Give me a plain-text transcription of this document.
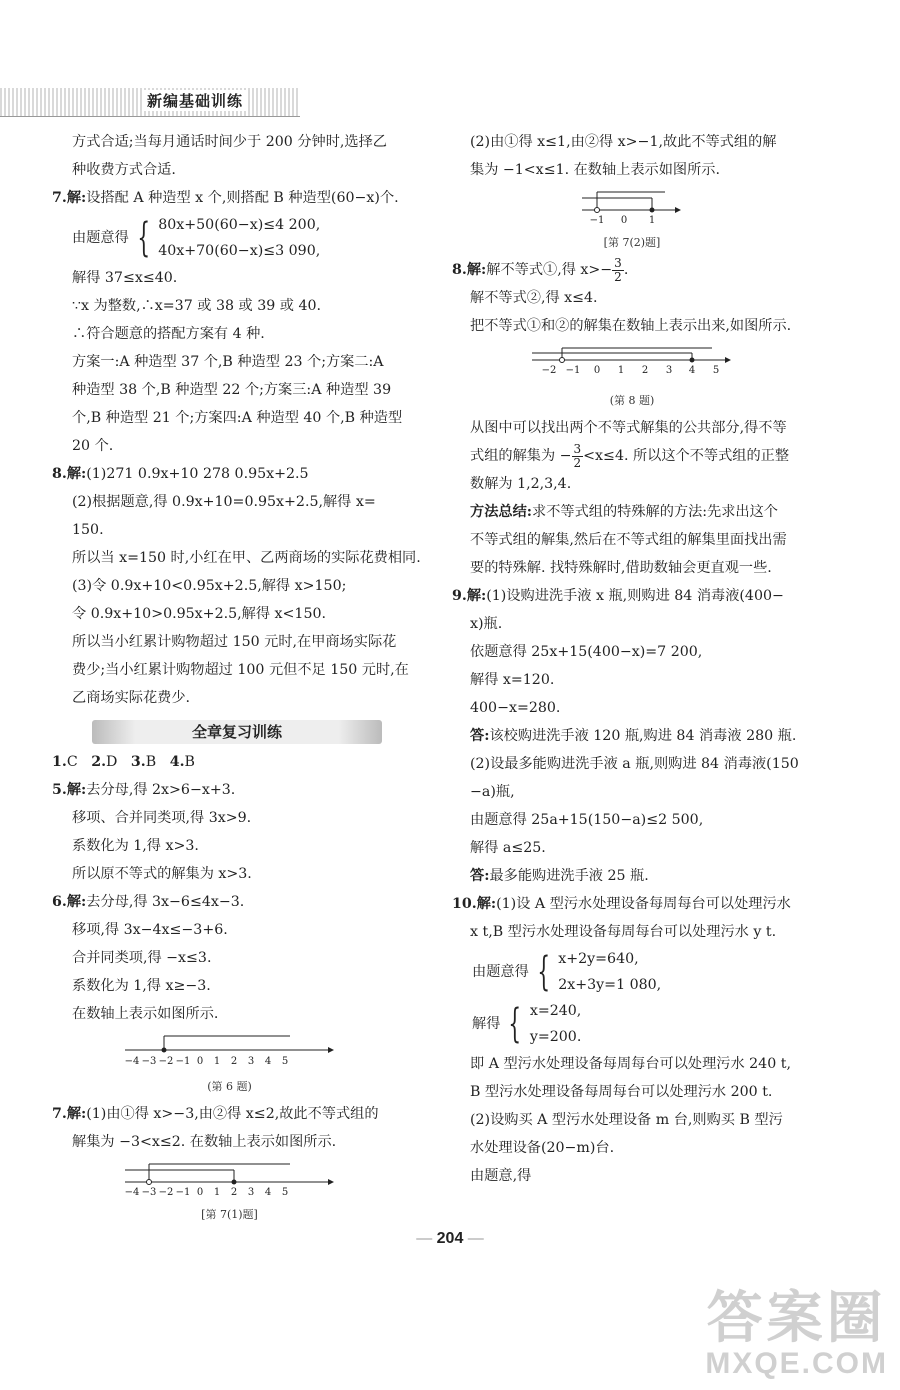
新编基础训练
方式合适;当每月通话时间少于 200 分钟时,选择乙
种收费方式合适.
7.解:设搭配 A 种造型 x 个,则搭配 B 种造型(60−x)个.
由题意得 { 80x+50(60−x)≤4 200,
40x+70(60−x)≤3 090,
解得 37≤x≤40.
∵x 为整数,∴x=37 或 38 或 39 或 40.
∴符合题意的搭配方案有 4 种.
方案一:A 种造型 37 个,B 种造型 23 个;方案二:A
种造型 38 个,B 种造型 22 个;方案三:A 种造型 39
个,B 种造型 21 个;方案四:A 种造型 40 个,B 种造型
20 个.
8.解:(1)271 0.9x+10 278 0.95x+2.5
(2)根据题意,得 0.9x+10=0.95x+2.5,解得 x=
150.
所以当 x=150 时,小红在甲、乙两商场的实际花费相同.
(3)令 0.9x+10<0.95x+2.5,解得 x>150;
令 0.9x+10>0.95x+2.5,解得 x<150.
所以当小红累计购物超过 150 元时,在甲商场实际花
费少;当小红累计购物超过 100 元但不足 150 元时,在
乙商场实际花费少.
全章复习训练
1.C 2.D 3.B 4.B
5.解:去分母,得 2x>6−x+3.
移项、合并同类项,得 3x>9.
系数化为 1,得 x>3.
所以原不等式的解集为 x>3.
6.解:去分母,得 3x−6≤4x−3.
移项,得 3x−4x≤−3+6.
合并同类项,得 −x≤3.
系数化为 1,得 x≥−3.
在数轴上表示如图所示.
−4 −3 −2 −1 0 1 2 3 4 5
(第 6 题)
7.解:(1)由①得 x>−3,由②得 x≤2,故此不等式组的
解集为 −3<x≤2. 在数轴上表示如图所示.
−4 −3 −2 −1 0 1 2 3 4 5
[第 7(1)题]
(2)由①得 x≤1,由②得 x>−1,故此不等式组的解
集为 −1<x≤1. 在数轴上表示如图所示.
−1 0 1
[第 7(2)题]
8.解:解不等式①,得 $x>- \frac{3}{2}$ .
解不等式②,得 x≤4.
把不等式①和②的解集在数轴上表示出来,如图所示.
−2 −1 0 1 2 3 4 5
(第 8 题)
从图中可以找出两个不等式解集的公共部分,得不等
式组的解集为 − $\frac{3}{2} <x\le 4$. 所以这个不等式组的正整
数解为 1,2,3,4.
方法总结:求不等式组的特殊解的方法:先求出这个
不等式组的解集,然后在不等式组的解集里面找出需
要的特殊解. 找特殊解时,借助数轴会更直观一些.
9.解:(1)设购进洗手液 x 瓶,则购进 84 消毒液(400−
x)瓶.
依题意得 25x+15(400−x)=7 200,
解得 x=120.
400−x=280.
答:该校购进洗手液 120 瓶,购进 84 消毒液 280 瓶.
(2)设最多能购进洗手液 a 瓶,则购进 84 消毒液(150
−a)瓶,
由题意得 25a+15(150−a)≤2 500,
解得 a≤25.
答:最多能购进洗手液 25 瓶.
10.解:(1)设 A 型污水处理设备每周每台可以处理污水
x t,B 型污水处理设备每周每台可以处理污水 y t.
由题意得 { x+2y=640,
2x+3y=1 080,
解得 { x=240,
y=200.
即 A 型污水处理设备每周每台可以处理污水 240 t,
B 型污水处理设备每周每台可以处理污水 200 t.
(2)设购买 A 型污水处理设备 m 台,则购买 B 型污
水处理设备(20−m)台.
由题意,得
— 204 —
答案圈
MXQE.COM
